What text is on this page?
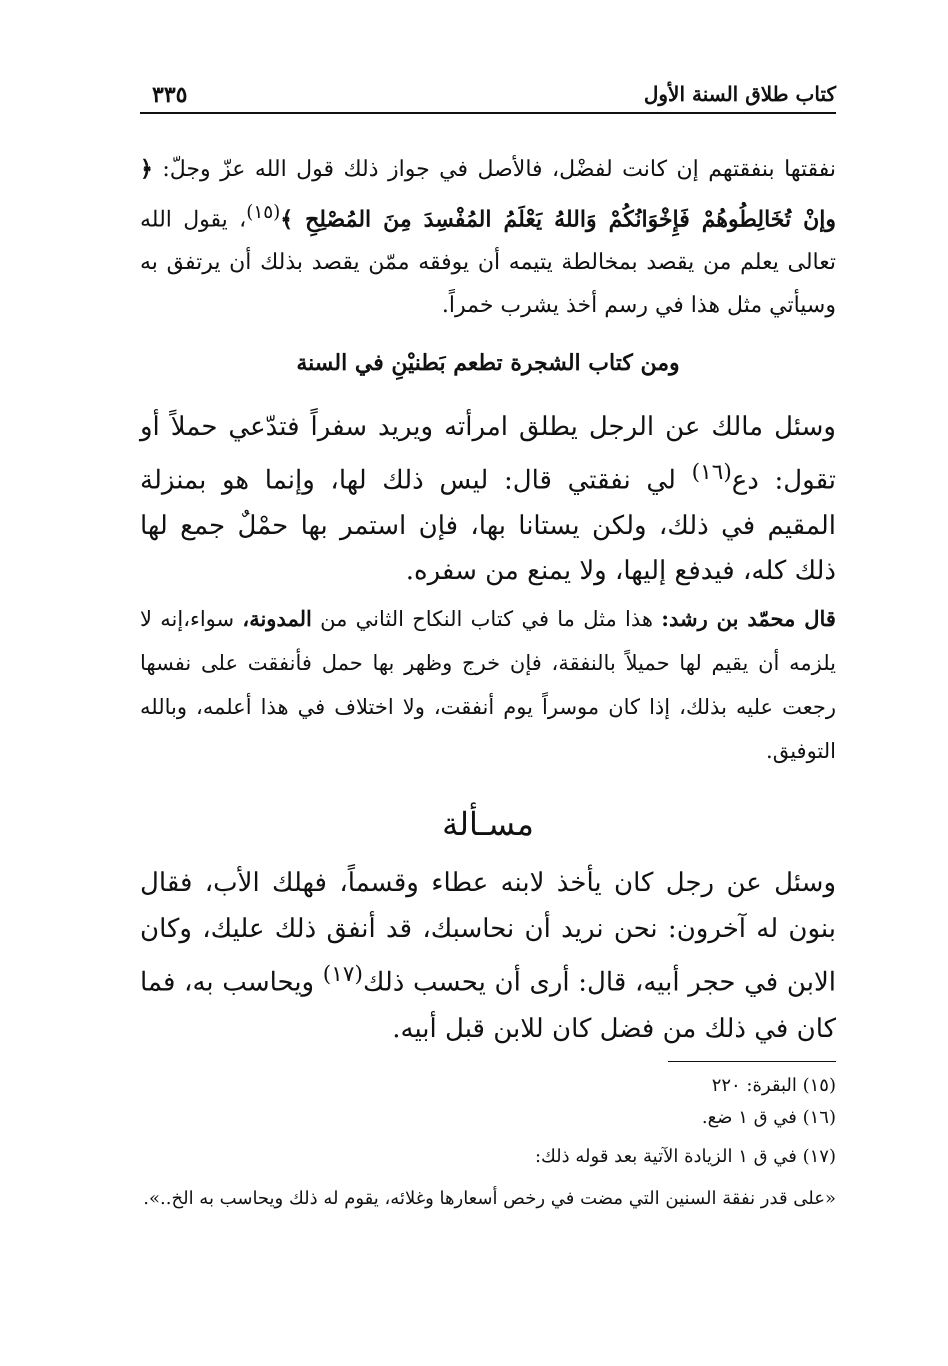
كتاب طلاق السنة الأول
٣٣٥
نفقتها بنفقتهم إن كانت لفضْل، فالأصل في جواز ذلك قول الله عزّ وجلّ: ﴿ وإنْ تُخَالِطُوهُمْ فَإِخْوَانُكُمْ وَاللهُ يَعْلَمُ المُفْسِدَ مِنَ المُصْلِحِ ﴾$^{(١٥)}$، يقول الله تعالى يعلم من يقصد بمخالطة يتيمه أن يوفقه ممّن يقصد بذلك أن يرتفق به وسيأتي مثل هذا في رسم أخذ يشرب خمراً.
ومن كتاب الشجرة تطعم بَطنيْنِ في السنة
وسئل مالك عن الرجل يطلق امرأته ويريد سفراً فتدّعي حملاً أو تقول: دع$^{(١٦)}$ لي نفقتي قال: ليس ذلك لها، وإنما هو بمنزلة المقيم في ذلك، ولكن يستانا بها، فإن استمر بها حمْلٌ جمع لها ذلك كله، فيدفع إليها، ولا يمنع من سفره.
قال محمّد بن رشد: هذا مثل ما في كتاب النكاح الثاني من المدونة، سواء،إنه لا يلزمه أن يقيم لها حميلاً بالنفقة، فإن خرج وظهر بها حمل فأنفقت على نفسها رجعت عليه بذلك، إذا كان موسراً يوم أنفقت، ولا اختلاف في هذا أعلمه، وبالله التوفيق.
مسـألة
وسئل عن رجل كان يأخذ لابنه عطاء وقسماً، فهلك الأب، فقال بنون له آخرون: نحن نريد أن نحاسبك، قد أنفق ذلك عليك، وكان الابن في حجر أبيه، قال: أرى أن يحسب ذلك$^{(١٧)}$ ويحاسب به، فما كان في ذلك من فضل كان للابن قبل أبيه.
(١٥) البقرة: ٢٢٠
(١٦) في ق ١ ضع.
(١٧) في ق ١ الزيادة الآتية بعد قوله ذلك:
«على قدر نفقة السنين التي مضت في رخص أسعارها وغلائه، يقوم له ذلك ويحاسب به الخ..».
